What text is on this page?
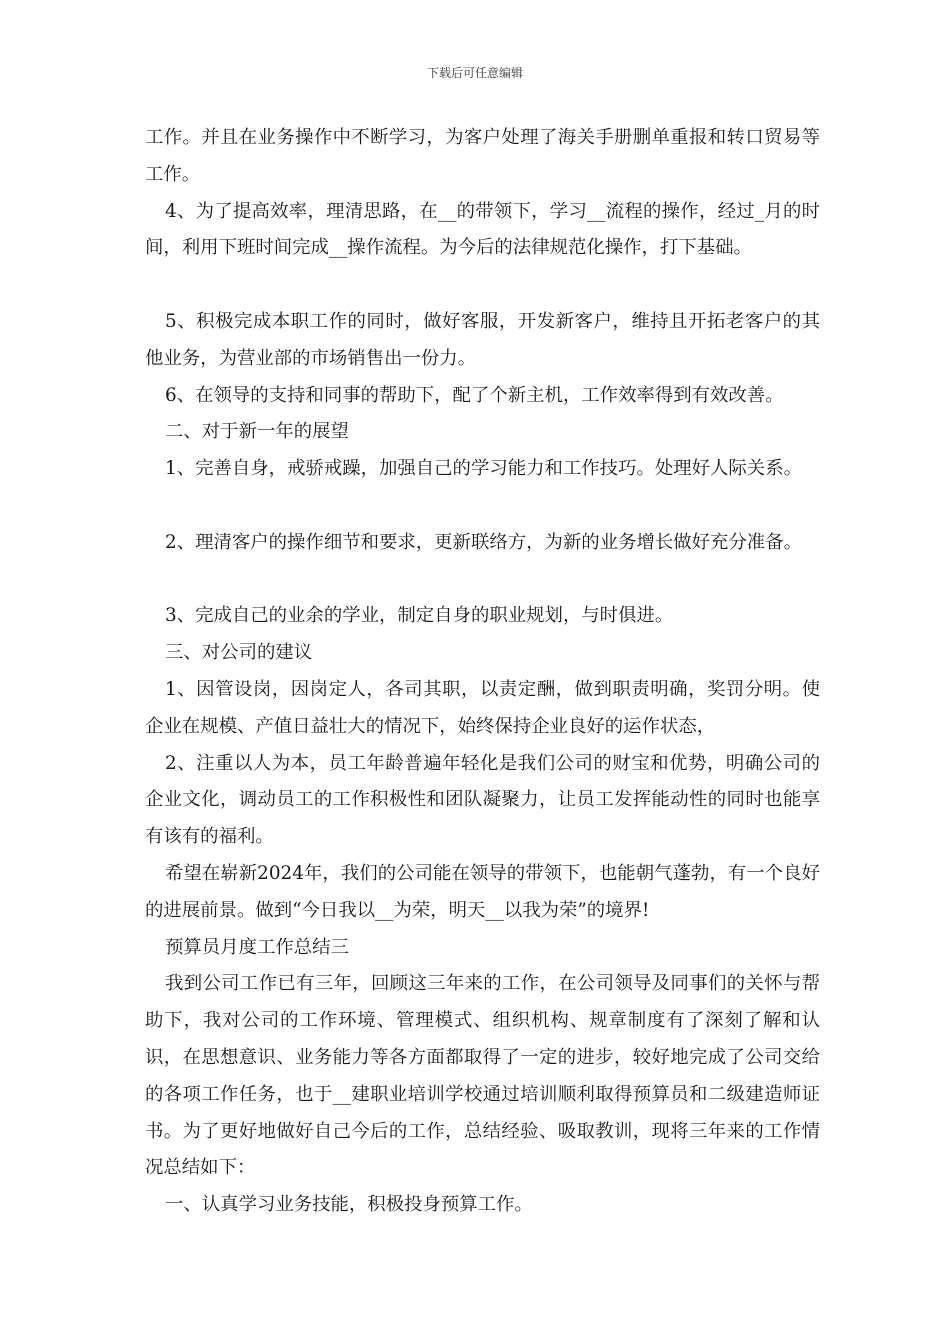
下载后可任意编辑

工作。并且在业务操作中不断学习，为客户处理了海关手册删单重报和转口贸易等工作。

4、为了提高效率，理清思路，在__的带领下，学习__流程的操作，经过_月的时间，利用下班时间完成__操作流程。为今后的法律规范化操作，打下基础。

5、积极完成本职工作的同时，做好客服，开发新客户，维持且开拓老客户的其他业务，为营业部的市场销售出一份力。

6、在领导的支持和同事的帮助下，配了个新主机，工作效率得到有效改善。

二、对于新一年的展望

1、完善自身，戒骄戒躁，加强自己的学习能力和工作技巧。处理好人际关系。

2、理清客户的操作细节和要求，更新联络方，为新的业务增长做好充分准备。

3、完成自己的业余的学业，制定自身的职业规划，与时俱进。

三、对公司的建议

1、因管设岗，因岗定人，各司其职，以责定酬，做到职责明确，奖罚分明。使企业在规模、产值日益壮大的情况下，始终保持企业良好的运作状态，

2、注重以人为本，员工年龄普遍年轻化是我们公司的财宝和优势，明确公司的企业文化，调动员工的工作积极性和团队凝聚力，让员工发挥能动性的同时也能享有该有的福利。

希望在崭新2024年，我们的公司能在领导的带领下，也能朝气蓬勃，有一个良好的进展前景。做到“今日我以__为荣，明天__以我为荣”的境界!

预算员月度工作总结三

我到公司工作已有三年，回顾这三年来的工作，在公司领导及同事们的关怀与帮助下，我对公司的工作环境、管理模式、组织机构、规章制度有了深刻了解和认识，在思想意识、业务能力等各方面都取得了一定的进步，较好地完成了公司交给的各项工作任务，也于__建职业培训学校通过培训顺利取得预算员和二级建造师证书。为了更好地做好自己今后的工作，总结经验、吸取教训，现将三年来的工作情况总结如下：

一、认真学习业务技能，积极投身预算工作。
